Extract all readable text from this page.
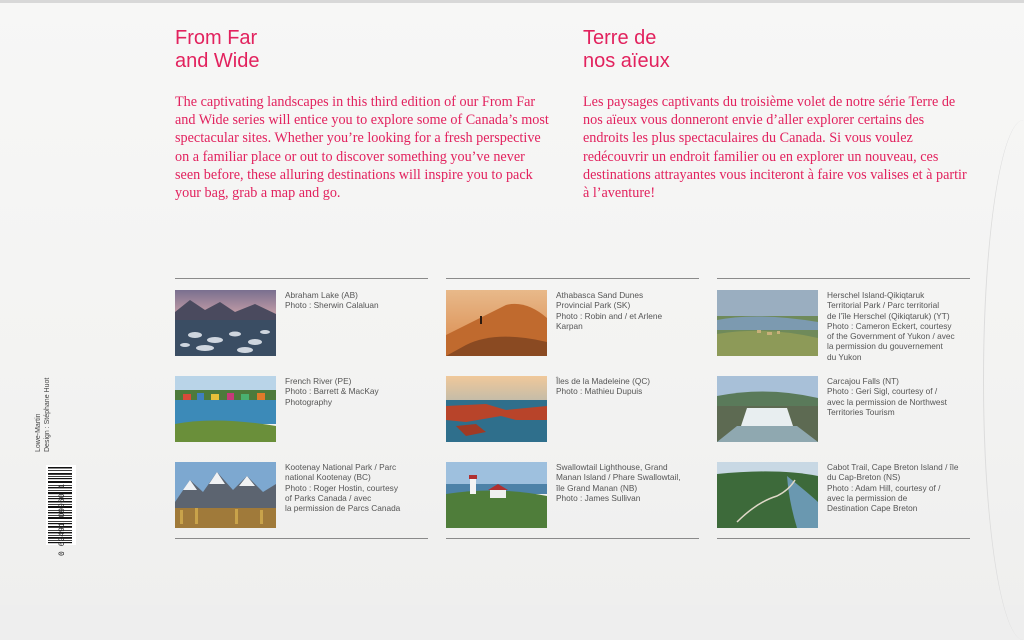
From Far
and Wide
Terre de
nos aïeux

The captivating landscapes in this third edition of our From Far and Wide series will entice you to explore some of Canada’s most spectacular sites. Whether you’re looking for a fresh perspective on a familiar place or out to discover something you’ve never seen before, these alluring destinations will inspire you to pack your bag, grab a map and go.

Les paysages captivants du troisième volet de notre série Terre de nos aïeux vous donneront envie d’aller explorer certains des endroits les plus spectaculaires du Canada. Si vous voulez redécouvrir un endroit familier ou en explorer un nouveau, ces destinations attrayantes vous inciteront à faire vos valises et à partir à l’aventure!

Abraham Lake (AB)
Photo : Sherwin Calaluan
Athabasca Sand Dunes
Provincial Park (SK)
Photo : Robin and / et Arlene
Karpan
Herschel Island-Qikiqtaruk
Territorial Park / Parc territorial
de l’île Herschel (Qikiqtaruk) (YT)
Photo : Cameron Eckert, courtesy
of the Government of Yukon / avec
la permission du gouvernement
du Yukon
French River (PE)
Photo : Barrett & MacKay
Photography
Îles de la Madeleine (QC)
Photo : Mathieu Dupuis
Carcajou Falls (NT)
Photo : Geri Sigl, courtesy of /
avec la permission de Northwest
Territories Tourism
Kootenay National Park / Parc
national Kootenay (BC)
Photo : Roger Hostin, courtesy
of Parks Canada / avec
la permission de Parcs Canada
Swallowtail Lighthouse, Grand
Manan Island / Phare Swallowtail,
île Grand Manan (NB)
Photo : James Sullivan
Cabot Trail, Cape Breton Island / île
du Cap-Breton (NS)
Photo : Adam Hill, courtesy of /
avec la permission de
Destination Cape Breton
Lowe-Martin Design : Stéphane Huot
0 63491 09960 1
